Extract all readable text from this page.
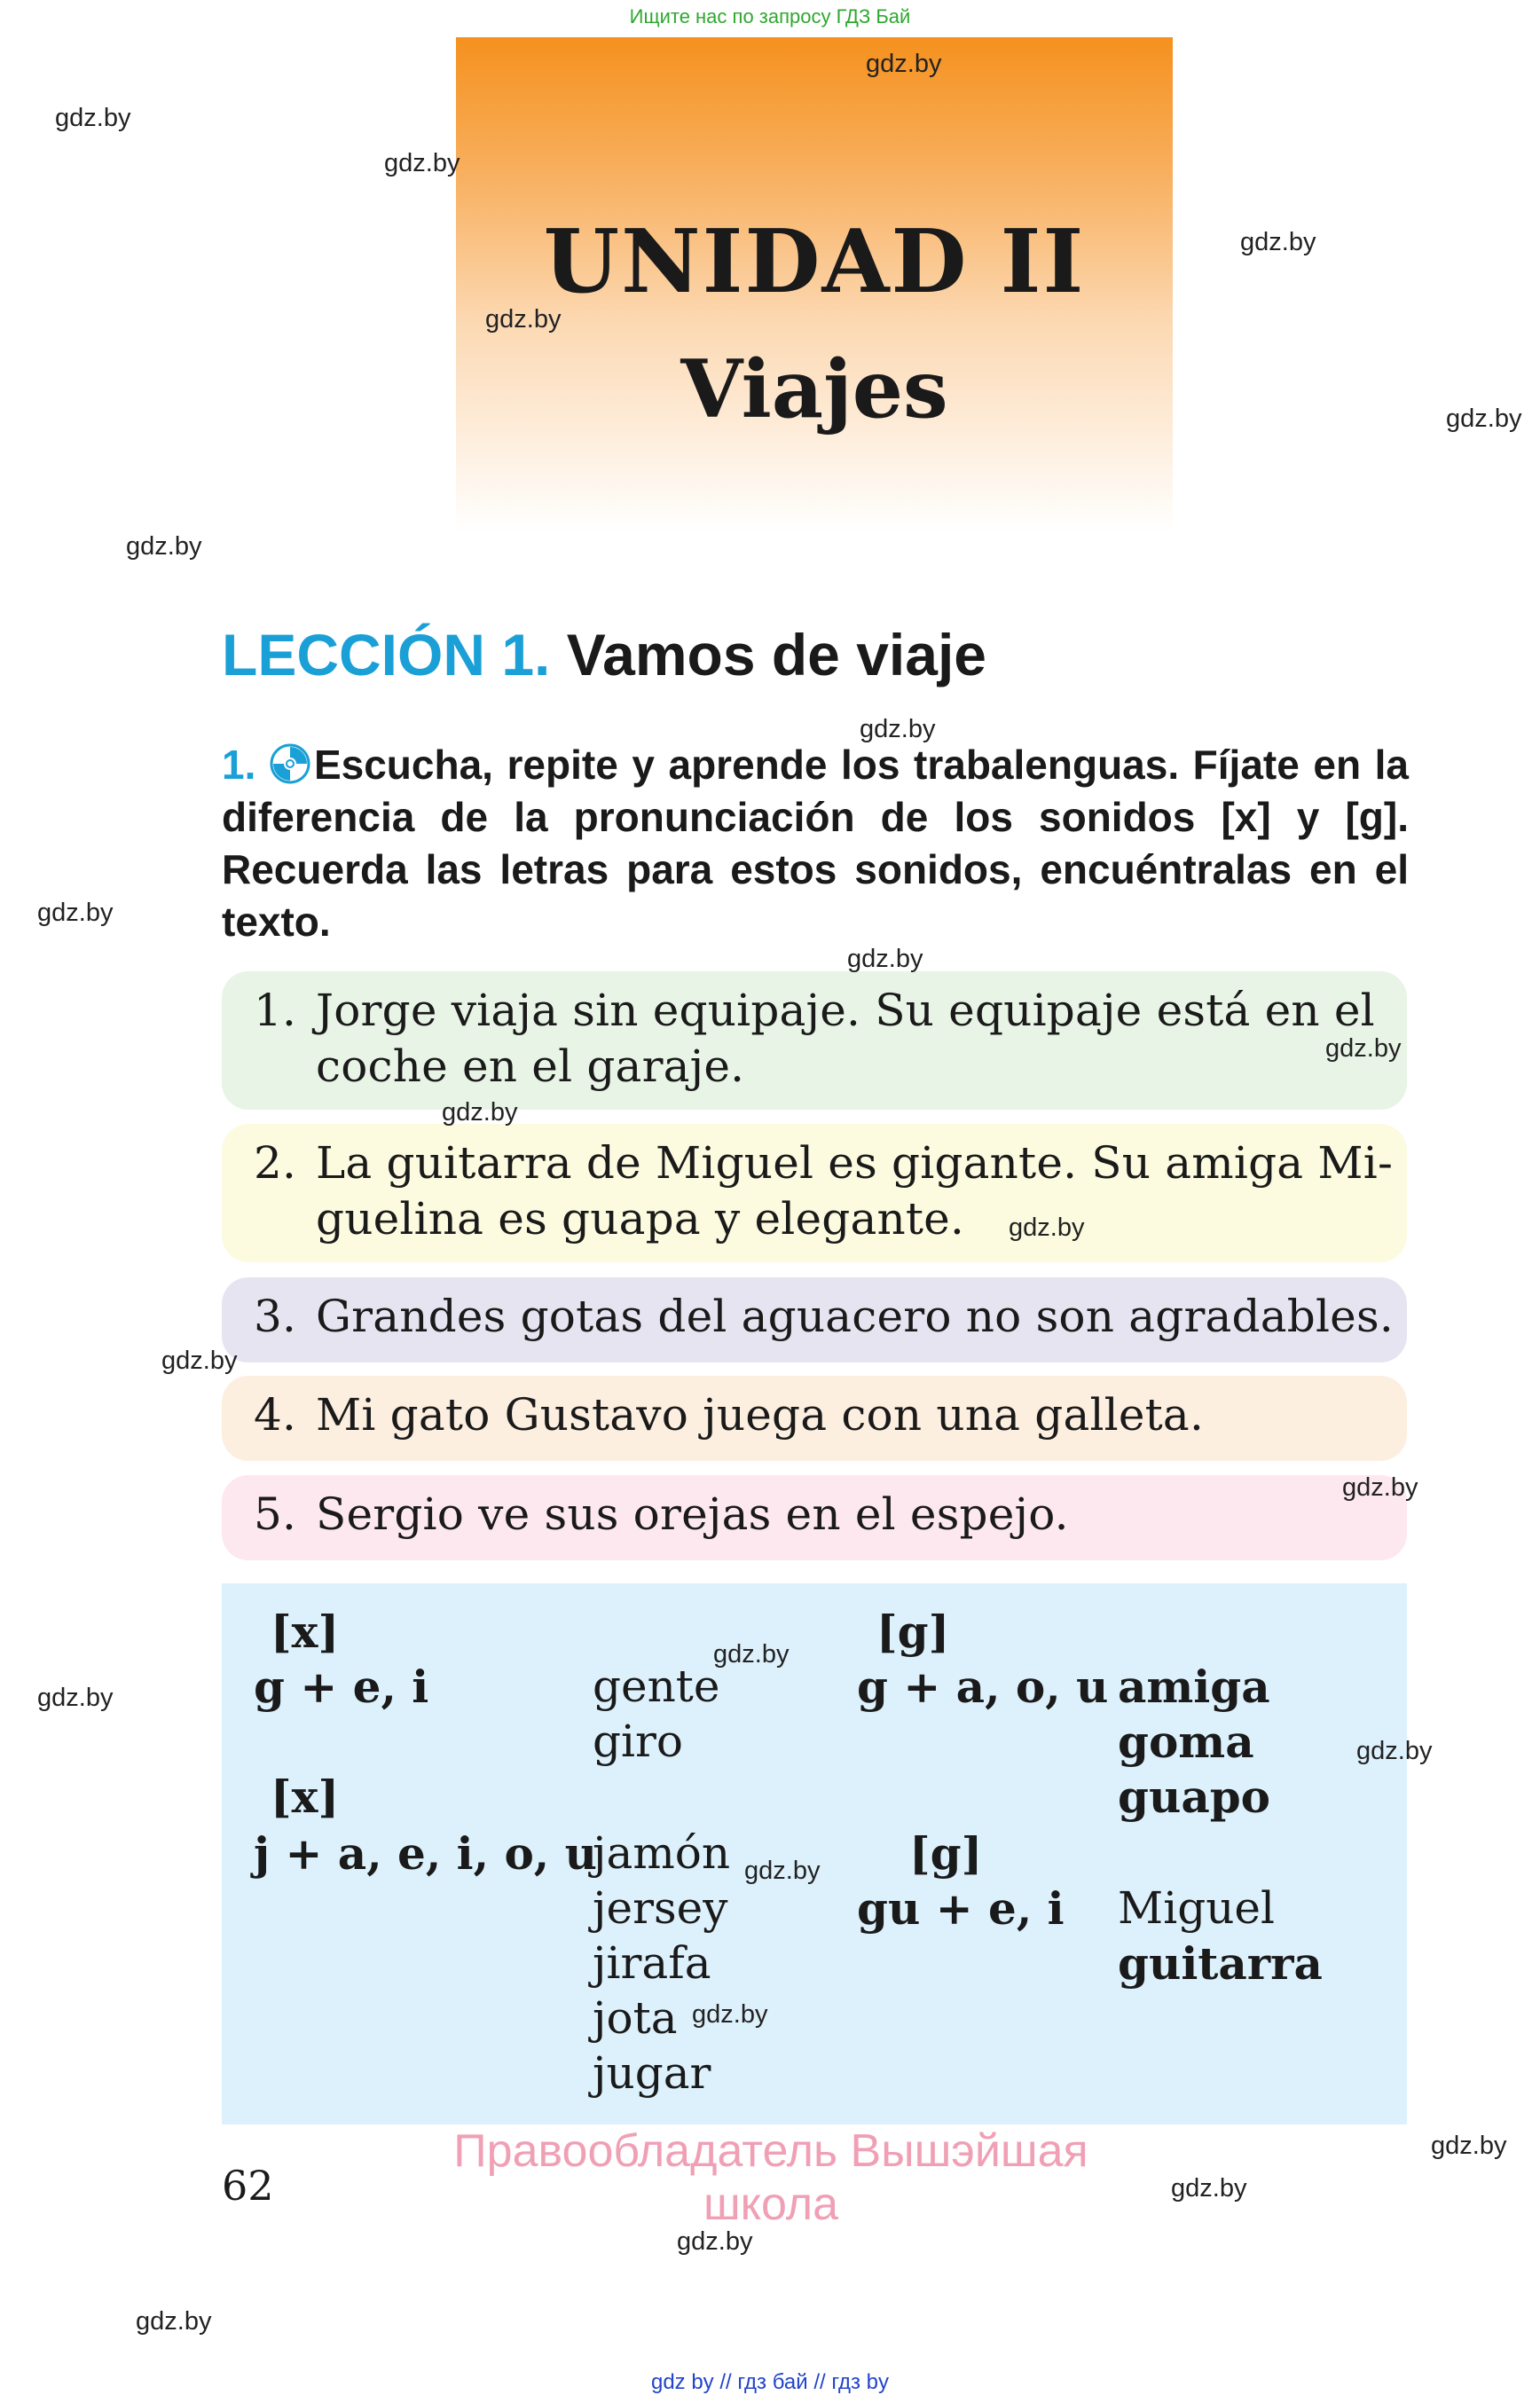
Ищите нас по запросу ГДЗ Бай
UNIDAD II
Viajes
LECCIÓN 1. Vamos de viaje
1. Escucha, repite y aprende los trabalenguas. Fíjate en la diferencia de la pronunciación de los sonidos [x] y [g]. Recuerda las letras para estos sonidos, encuéntralas en el texto.
1. Jorge viaja sin equipaje. Su equipaje está en el
coche en el garaje.
2. La guitarra de Miguel es gigante. Su amiga Mi-
guelina es guapa y elegante.
3. Grandes gotas del aguacero no son agradables.
4. Mi gato Gustavo juega con una galleta.
5. Sergio ve sus orejas en el espejo.
[x]
g + e, i	gente
giro
[x]
j + a, e, i, o, u
jamón
jersey
jirafa
jota
jugar
[g]
g + a, o, u amiga
goma
guapo
[g]
gu + e, i Miguel
guitarra
62
Правообладатель Вышэйшая школа
gdz.by
gdz.by
gdz.by
gdz.by
gdz.by
gdz.by
gdz.by
gdz.by
gdz.by
gdz.by
gdz.by
gdz.by
gdz.by
gdz.by
gdz.by
gdz.by
gdz.by
gdz.by
gdz.by
gdz.by
gdz.by
gdz.by
gdz.by
gdz.by
gdz by // гдз бай // гдз by
